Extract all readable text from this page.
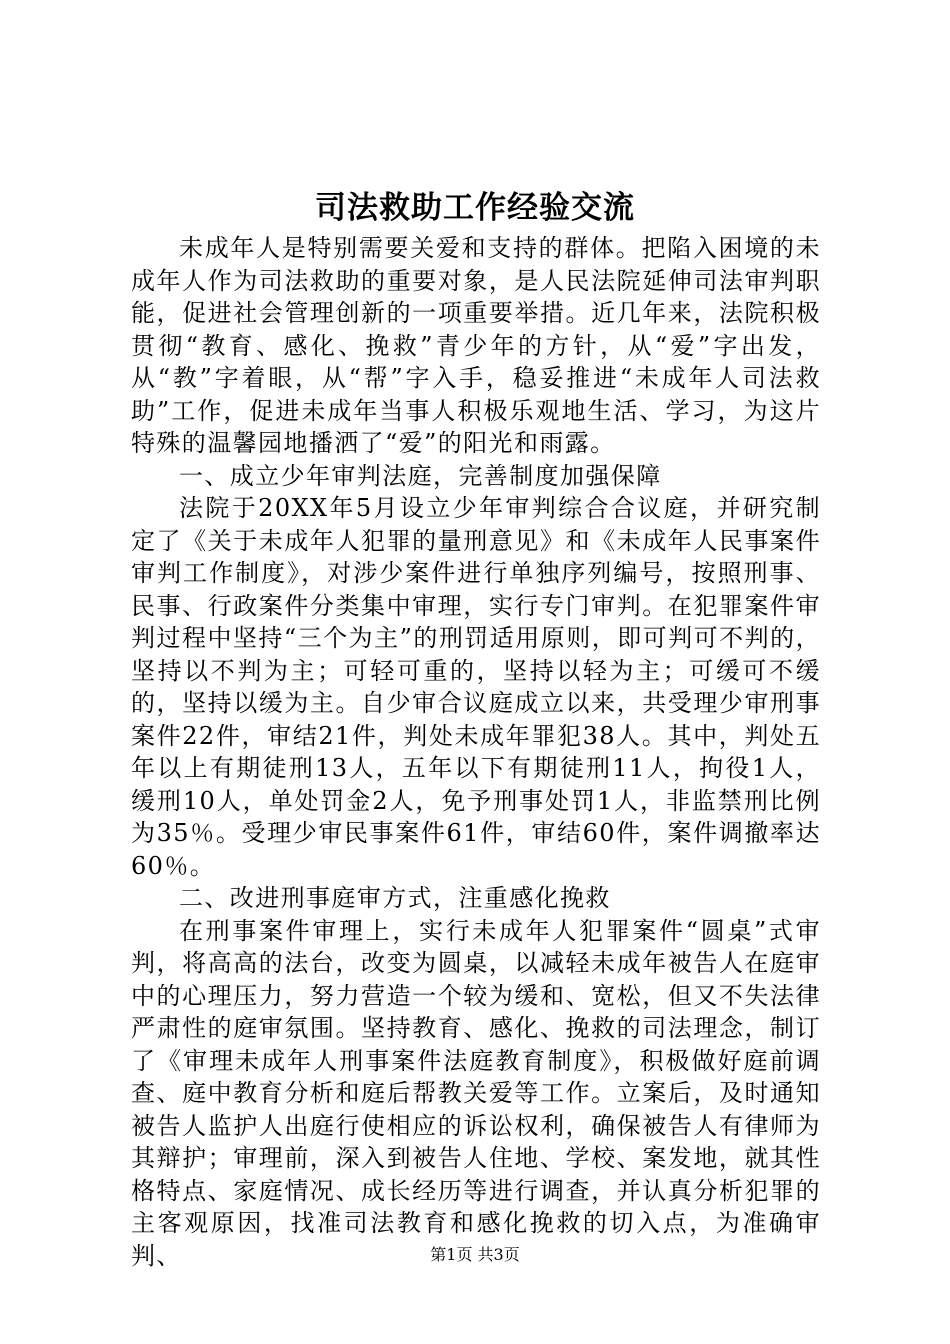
司法救助工作经验交流

未成年人是特别需要关爱和支持的群体。把陷入困境的未成年人作为司法救助的重要对象，是人民法院延伸司法审判职能，促进社会管理创新的一项重要举措。近几年来，法院积极贯彻“教育、感化、挽救”青少年的方针，从“爱”字出发，从“教”字着眼，从“帮”字入手，稳妥推进“未成年人司法救助”工作，促进未成年当事人积极乐观地生活、学习，为这片特殊的温馨园地播洒了“爱”的阳光和雨露。

一、成立少年审判法庭，完善制度加强保障

法院于20XX年5月设立少年审判综合合议庭，并研究制定了《关于未成年人犯罪的量刑意见》和《未成年人民事案件审判工作制度》，对涉少案件进行单独序列编号，按照刑事、民事、行政案件分类集中审理，实行专门审判。在犯罪案件审判过程中坚持“三个为主”的刑罚适用原则，即可判可不判的，坚持以不判为主；可轻可重的，坚持以轻为主；可缓可不缓的，坚持以缓为主。自少审合议庭成立以来，共受理少审刑事案件22件，审结21件，判处未成年罪犯38人。其中，判处五年以上有期徒刑13人，五年以下有期徒刑11人，拘役1人，缓刑10人，单处罚金2人，免予刑事处罚1人，非监禁刑比例为35％。受理少审民事案件61件，审结60件，案件调撤率达60％。

二、改进刑事庭审方式，注重感化挽救

在刑事案件审理上，实行未成年人犯罪案件“圆桌”式审判，将高高的法台，改变为圆桌，以减轻未成年被告人在庭审中的心理压力，努力营造一个较为缓和、宽松，但又不失法律严肃性的庭审氛围。坚持教育、感化、挽救的司法理念，制订了《审理未成年人刑事案件法庭教育制度》，积极做好庭前调查、庭中教育分析和庭后帮教关爱等工作。立案后，及时通知被告人监护人出庭行使相应的诉讼权利，确保被告人有律师为其辩护；审理前，深入到被告人住地、学校、案发地，就其性格特点、家庭情况、成长经历等进行调查，并认真分析犯罪的主客观原因，找准司法教育和感化挽救的切入点，为准确审判、	第1页 共3页
